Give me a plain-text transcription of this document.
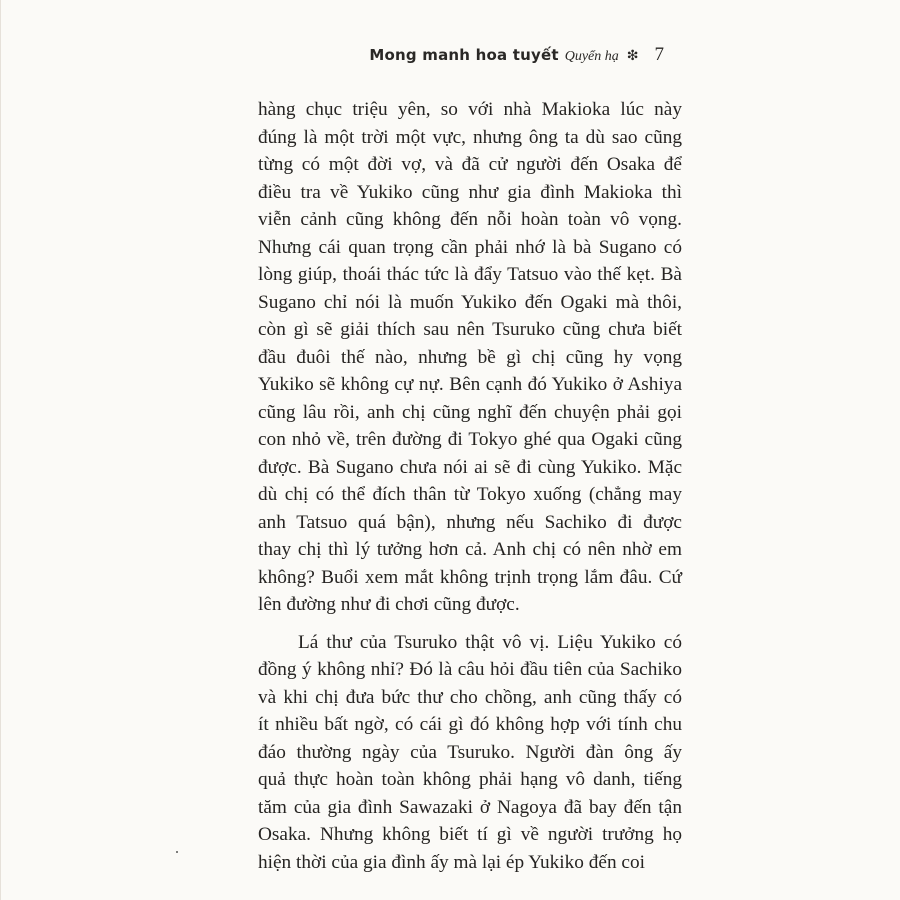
Mong manh hoa tuyết Quyển hạ ❇ 7

hàng chục triệu yên, so với nhà Makioka lúc này
đúng là một trời một vực, nhưng ông ta dù sao cũng
từng có một đời vợ, và đã cử người đến Osaka để
điều tra về Yukiko cũng như gia đình Makioka thì
viễn cảnh cũng không đến nỗi hoàn toàn vô vọng.
Nhưng cái quan trọng cần phải nhớ là bà Sugano có
lòng giúp, thoái thác tức là đẩy Tatsuo vào thế kẹt. Bà
Sugano chỉ nói là muốn Yukiko đến Ogaki mà thôi,
còn gì sẽ giải thích sau nên Tsuruko cũng chưa biết
đầu đuôi thế nào, nhưng bề gì chị cũng hy vọng
Yukiko sẽ không cự nự. Bên cạnh đó Yukiko ở Ashiya
cũng lâu rồi, anh chị cũng nghĩ đến chuyện phải gọi
con nhỏ về, trên đường đi Tokyo ghé qua Ogaki cũng
được. Bà Sugano chưa nói ai sẽ đi cùng Yukiko. Mặc
dù chị có thể đích thân từ Tokyo xuống (chẳng may
anh Tatsuo quá bận), nhưng nếu Sachiko đi được
thay chị thì lý tưởng hơn cả. Anh chị có nên nhờ em
không? Buổi xem mắt không trịnh trọng lắm đâu. Cứ
lên đường như đi chơi cũng được.

Lá thư của Tsuruko thật vô vị. Liệu Yukiko có
đồng ý không nhỉ? Đó là câu hỏi đầu tiên của Sachiko
và khi chị đưa bức thư cho chồng, anh cũng thấy có
ít nhiều bất ngờ, có cái gì đó không hợp với tính chu
đáo thường ngày của Tsuruko. Người đàn ông ấy
quả thực hoàn toàn không phải hạng vô danh, tiếng
tăm của gia đình Sawazaki ở Nagoya đã bay đến tận
Osaka. Nhưng không biết tí gì về người trưởng họ
hiện thời của gia đình ấy mà lại ép Yukiko đến coi
